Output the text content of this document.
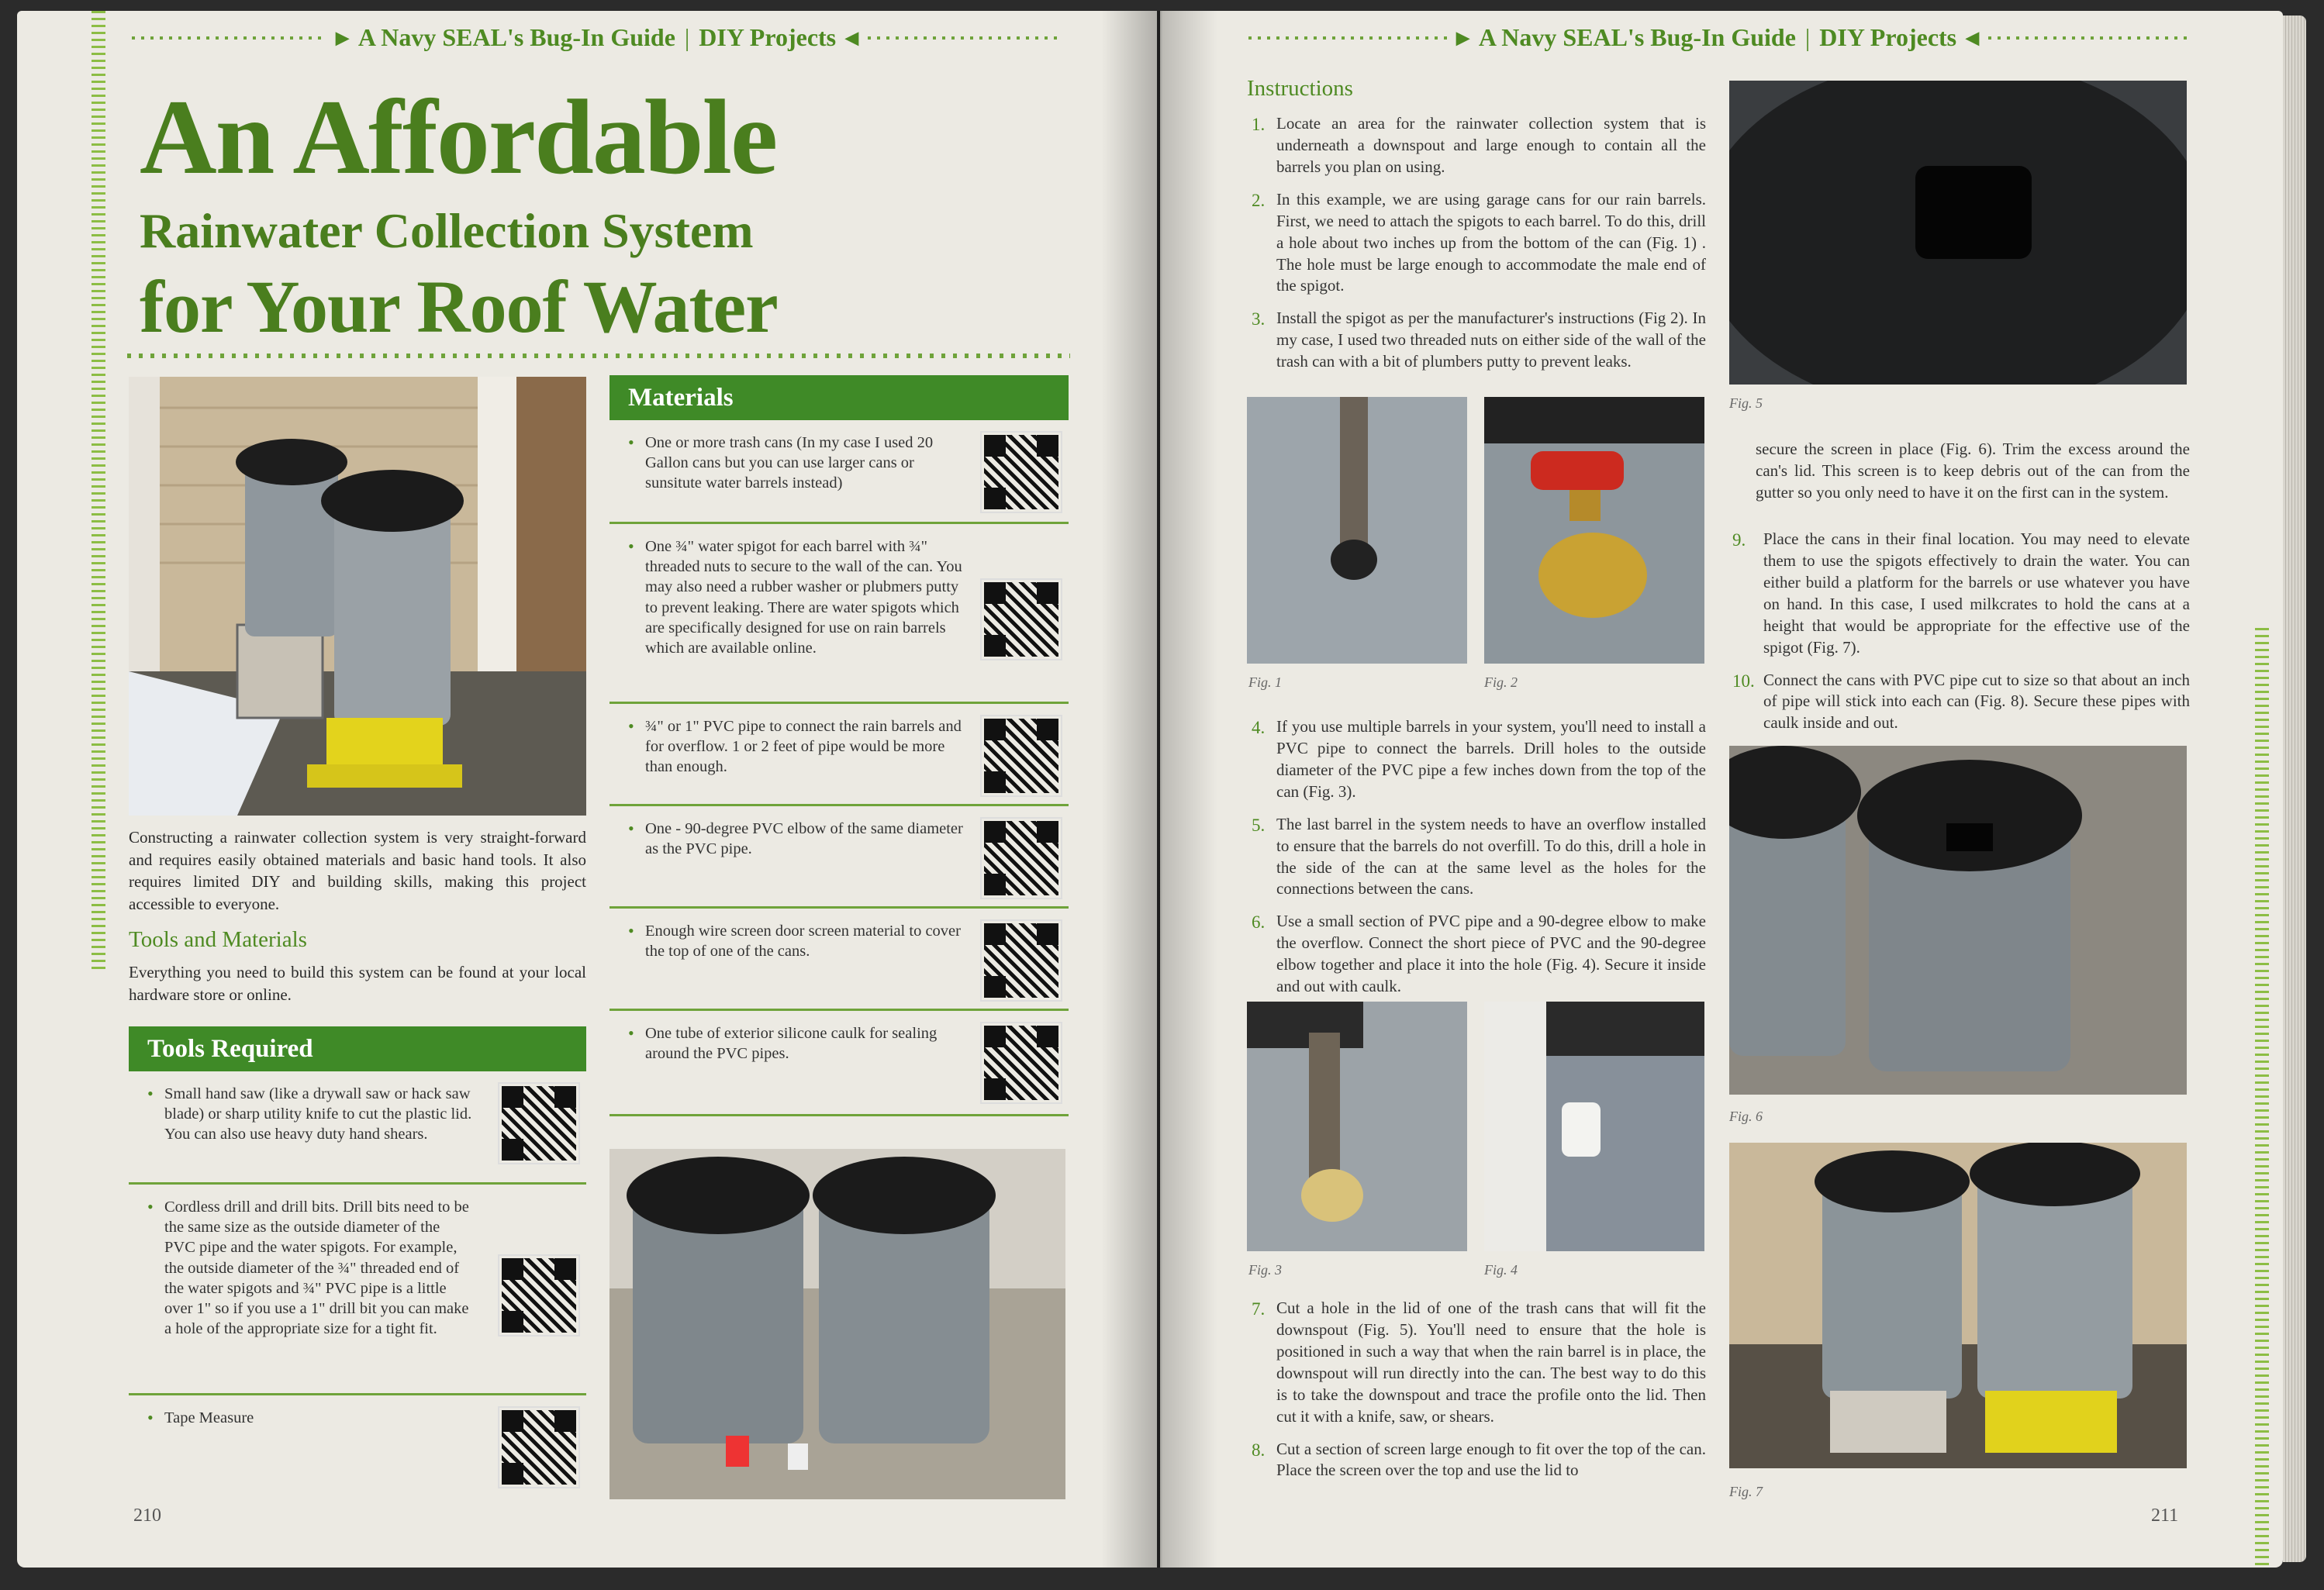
▶ A Navy SEAL's Bug-In Guide | DIY Projects ◀
An Affordable
Rainwater Collection System
for Your Roof Water
Constructing a rainwater collection system is very straight-forward and requires easily obtained materials and basic hand tools. It also requires limited DIY and building skills, making this project accessible to everyone.
Tools and Materials
Everything you need to build this system can be found at your local hardware store or online.
Tools Required
• Small hand saw (like a drywall saw or hack saw blade) or sharp utility knife to cut the plastic lid. You can also use heavy duty hand shears.
• Cordless drill and drill bits. Drill bits need to be the same size as the outside diameter of the PVC pipe and the water spigots. For example, the outside diameter of the ¾" threaded end of the water spigots and ¾" PVC pipe is a little over 1" so if you use a 1" drill bit you can make a hole of the appropriate size for a tight fit.
• Tape Measure
Materials
• One or more trash cans (In my case I used 20 Gallon cans but you can use larger cans or sunsitute water barrels instead)
• One ¾" water spigot for each barrel with ¾" threaded nuts to secure to the wall of the can. You may also need a rubber washer or plubmers putty to prevent leaking. There are water spigots which are specifically designed for use on rain barrels which are available online.
• ¾" or 1" PVC pipe to connect the rain barrels and for overflow. 1 or 2 feet of pipe would be more than enough.
• One - 90-degree PVC elbow of the same diameter as the PVC pipe.
• Enough wire screen door screen material to cover the top of one of the cans.
• One tube of exterior silicone caulk for sealing around the PVC pipes.
210
▶ A Navy SEAL's Bug-In Guide | DIY Projects ◀
Instructions
1. Locate an area for the rainwater collection system that is underneath a downspout and large enough to contain all the barrels you plan on using.
2. In this example, we are using garage cans for our rain barrels. First, we need to attach the spigots to each barrel. To do this, drill a hole about two inches up from the bottom of the can (Fig. 1) . The hole must be large enough to accommodate the male end of the spigot.
3. Install the spigot as per the manufacturer's instructions (Fig 2). In my case, I used two threaded nuts on either side of the wall of the trash can with a bit of plumbers putty to prevent leaks.
Fig. 1	Fig. 2
4. If you use multiple barrels in your system, you'll need to install a PVC pipe to connect the barrels. Drill holes to the outside diameter of the PVC pipe a few inches down from the top of the can (Fig. 3).
5. The last barrel in the system needs to have an overflow installed to ensure that the barrels do not overfill. To do this, drill a hole in the side of the can at the same level as the holes for the connections between the cans.
6. Use a small section of PVC pipe and a 90-degree elbow to make the overflow. Connect the short piece of PVC and the 90-degree elbow together and place it into the hole (Fig. 4). Secure it inside and out with caulk.
Fig. 3	Fig. 4
7. Cut a hole in the lid of one of the trash cans that will fit the downspout (Fig. 5). You'll need to ensure that the hole is positioned in such a way that when the rain barrel is in place, the downspout will run directly into the can. The best way to do this is to take the downspout and trace the profile onto the lid. Then cut it with a knife, saw, or shears.
8. Cut a section of screen large enough to fit over the top of the can. Place the screen over the top and use the lid to
Fig. 5
secure the screen in place (Fig. 6). Trim the excess around the can's lid. This screen is to keep debris out of the can from the gutter so you only need to have it on the first can in the system.
9. Place the cans in their final location. You may need to elevate them to use the spigots effectively to drain the water. You can either build a platform for the barrels or use whatever you have on hand. In this case, I used milkcrates to hold the cans at a height that would be appropriate for the effective use of the spigot (Fig. 7).
10. Connect the cans with PVC pipe cut to size so that about an inch of pipe will stick into each can (Fig. 8). Secure these pipes with caulk inside and out.
Fig. 6
Fig. 7
211
